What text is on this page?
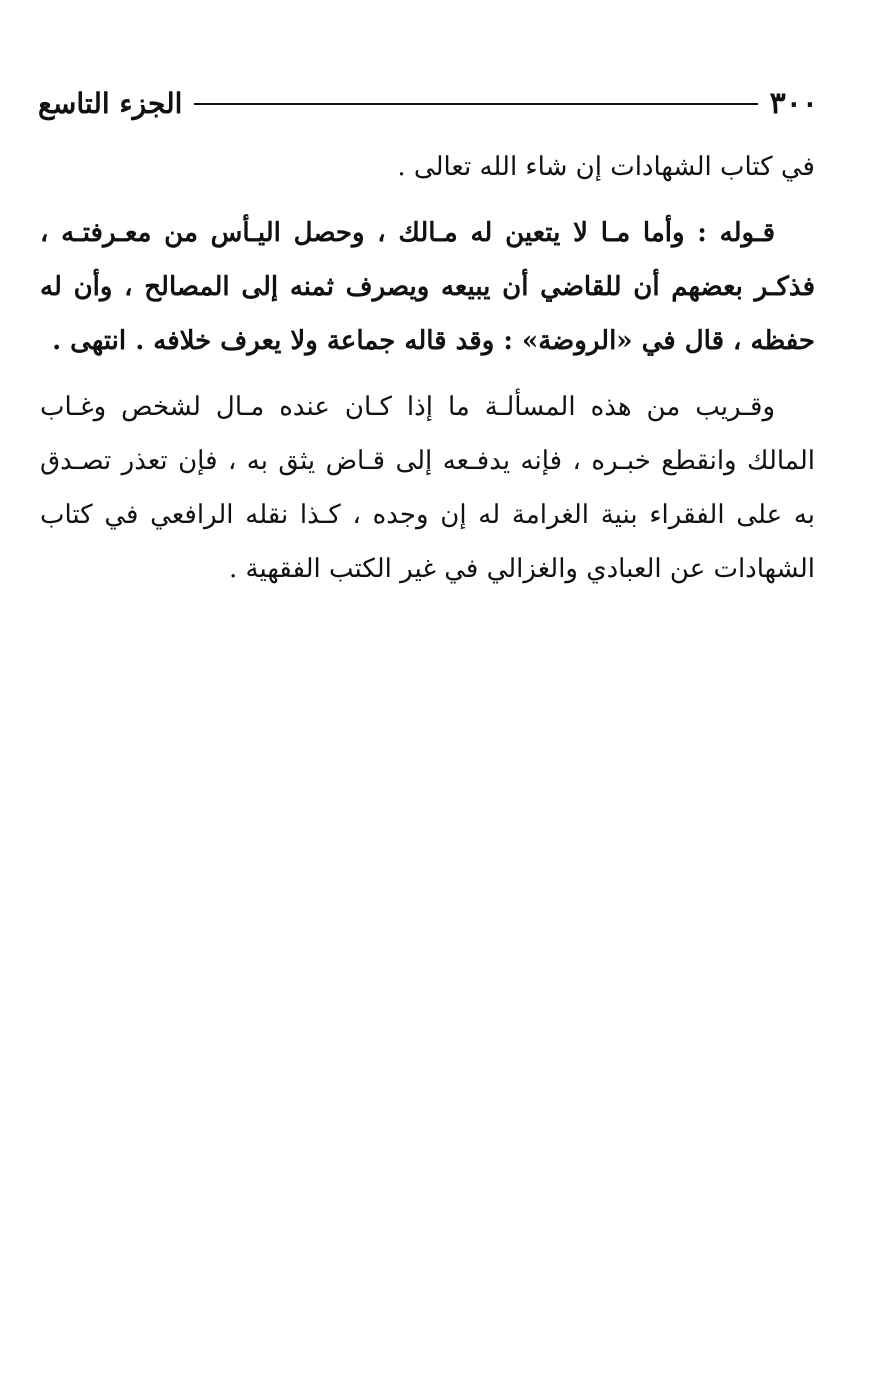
٣٠٠
الجزء التاسع

في كتاب الشهادات إن شاء الله تعالى .

قـوله : وأما مـا لا يتعين له مـالك ، وحصل اليـأس من معـرفتـه ، فذكـر بعضهم أن للقاضي أن يبيعه ويصرف ثمنه إلى المصالح ، وأن له حفظه ، قال في «الروضة» : وقد قاله جماعة ولا يعرف خلافه . انتهى .

وقـريب من هذه المسألـة ما إذا كـان عنده مـال لشخص وغـاب المالك وانقطع خبـره ، فإنه يدفـعه إلى قـاض يثق به ، فإن تعذر تصـدق به على الفقراء بنية الغرامة له إن وجده ، كـذا نقله الرافعي في كتاب الشهادات عن العبادي والغزالي في غير الكتب الفقهية .
